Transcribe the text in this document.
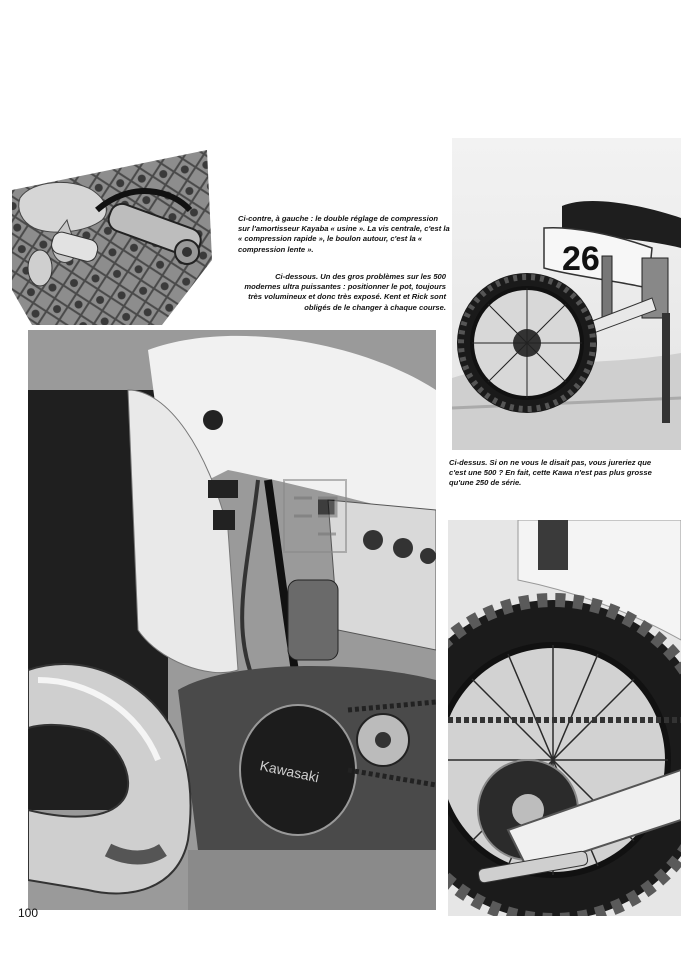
Ci-contre, à gauche : le double réglage de compression sur l'amortisseur Kayaba « usine ». La vis centrale, c'est la « compression rapide », le boulon autour, c'est la « compression lente ».

Ci-dessous. Un des gros problèmes sur les 500 modernes ultra puissantes : positionner le pot, toujours très volumineux et donc très exposé. Kent et Rick sont obligés de le changer à chaque course.

26

Ci-dessus. Si on ne vous le disait pas, vous jureriez que c'est une 500 ? En fait, cette Kawa n'est pas plus grosse qu'une 250 de série.

Kawasaki
100
